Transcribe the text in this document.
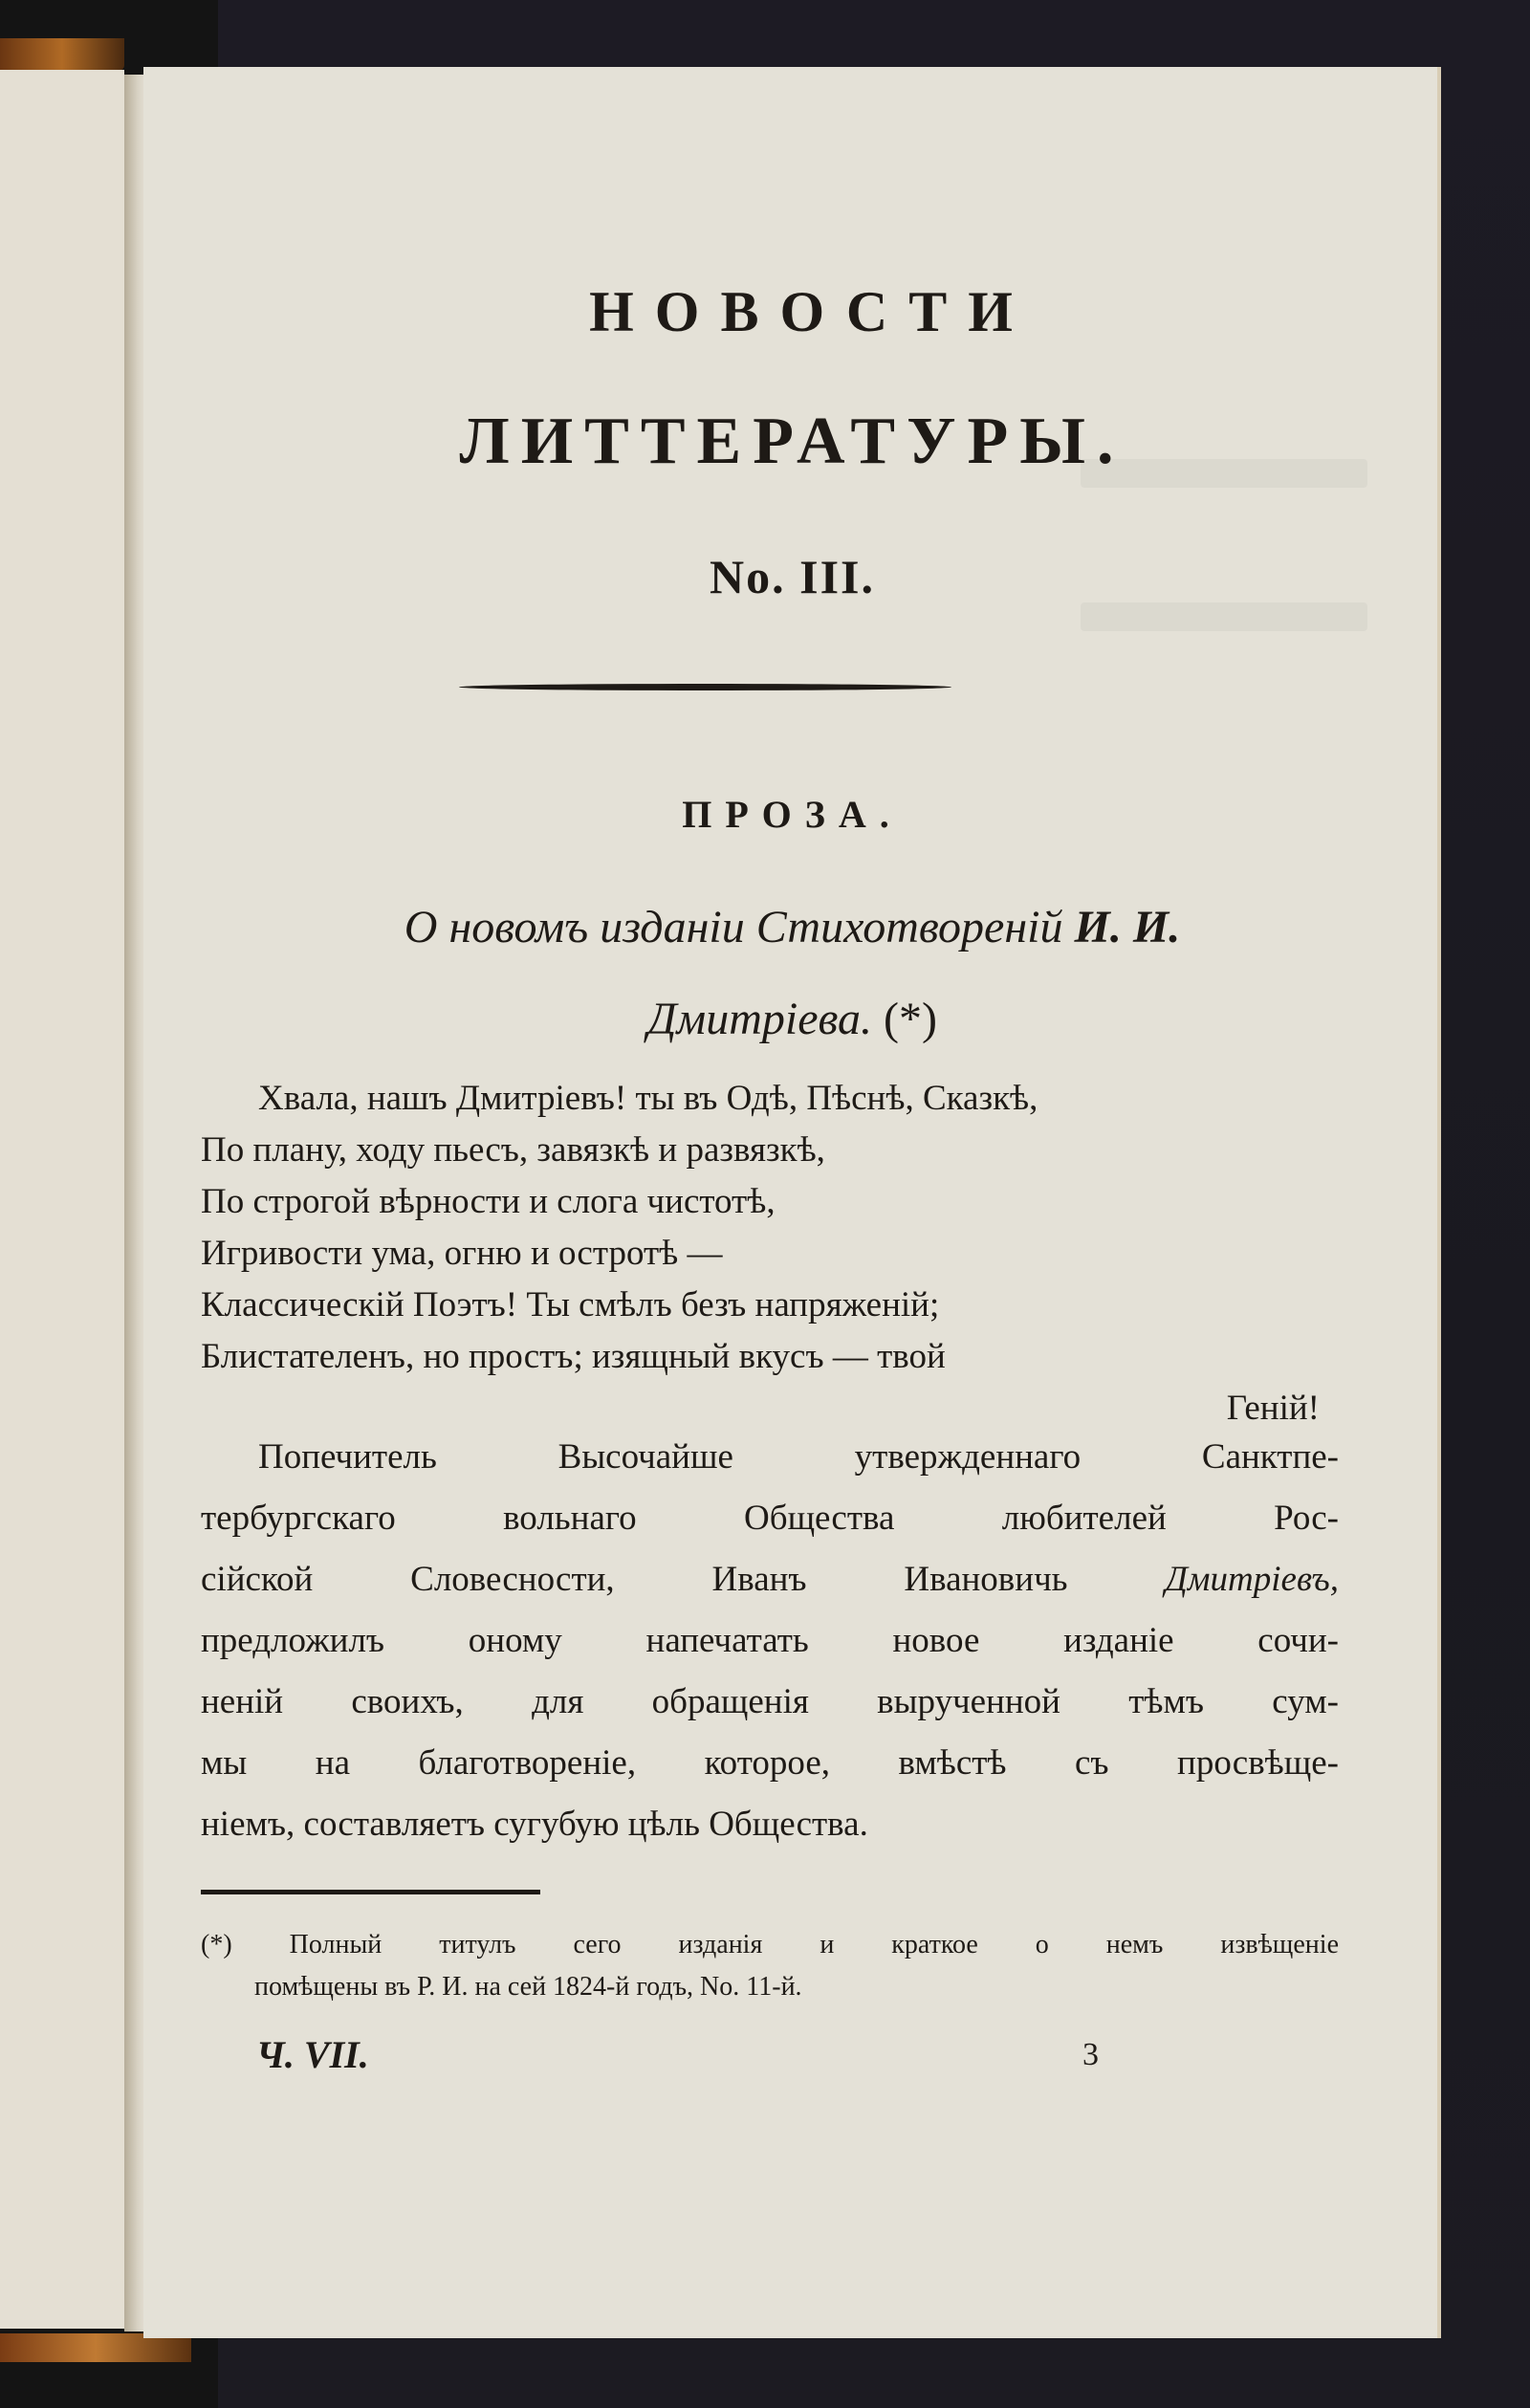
НОВОСТИ
ЛИТТЕРАТУРЫ.
No. III.
ПРОЗА.
О новомъ изданіи Стихотвореній И. И.
Дмитріева. (*)
Хвала, нашъ Дмитріевъ! ты въ Одѣ, Пѣснѣ, Сказкѣ,
По плану, ходу пьесъ, завязкѣ и развязкѣ,
По строгой вѣрности и слога чистотѣ,
Игривости ума, огню и остротѣ —
Классическій Поэтъ! Ты смѣлъ безъ напряженій;
Блистателенъ, но простъ; изящный вкусъ — твой
Геній!
Попечитель Высочайше утвержденнаго Санктпе-
тербургскаго вольнаго Общества любителей Рос-
сійской Словесности, Иванъ Ивановичь Дмитріевъ,
предложилъ оному напечатать новое изданіе сочи-
неній своихъ, для обращенія вырученной тѣмъ сум-
мы на благотвореніе, которое, вмѣстѣ съ просвѣще-
ніемъ, составляетъ сугубую цѣль Общества.
(*) Полный титулъ сего изданія и краткое о немъ извѣщеніе
помѣщены въ Р. И. на сей 1824-й годъ, No. 11-й.
Ч. VII.	3
